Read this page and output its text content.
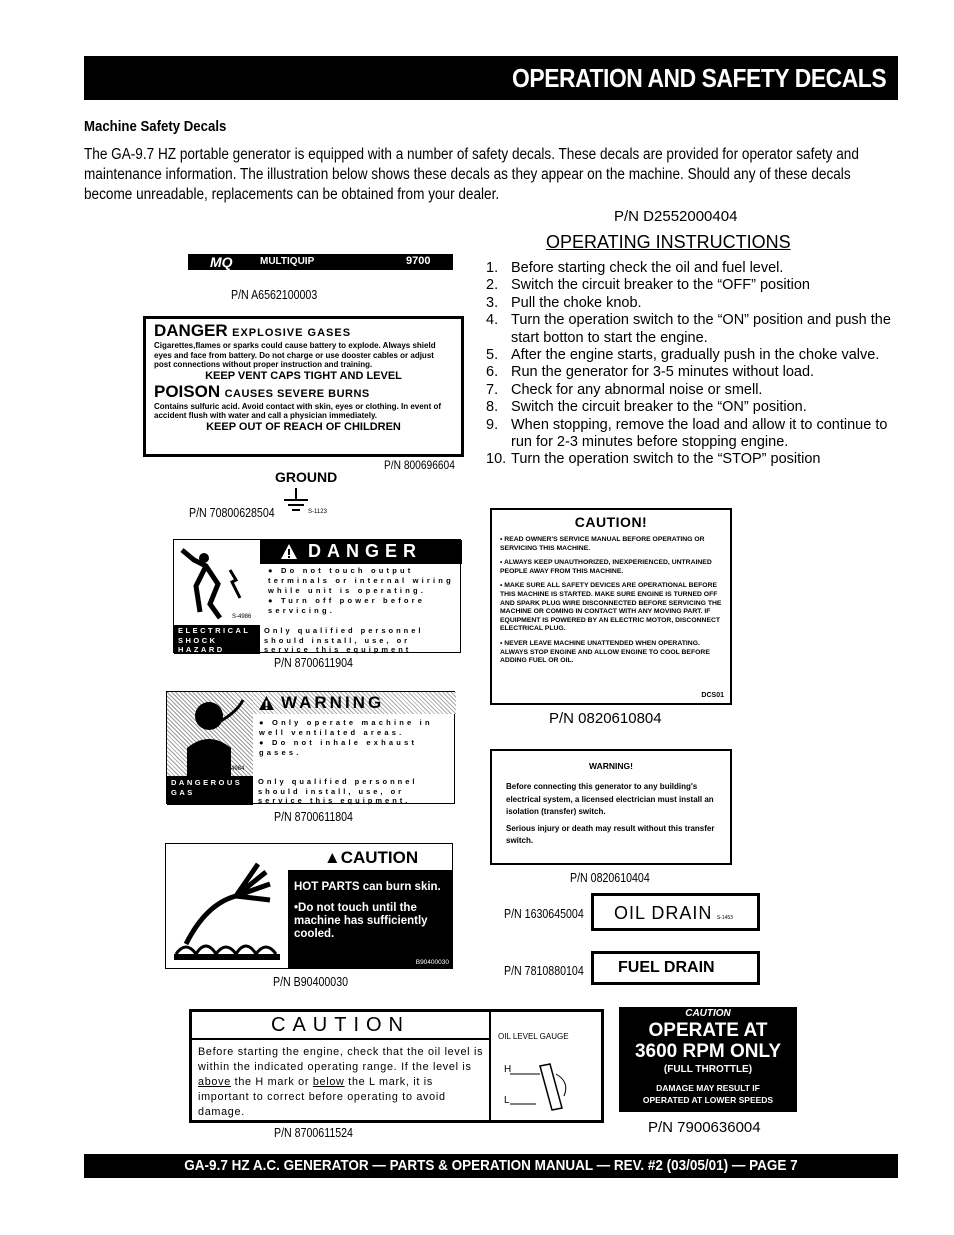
OPERATION AND SAFETY DECALS
Machine Safety Decals
The GA-9.7 HZ portable generator is equipped with a number of safety decals. These decals are provided for operator safety and maintenance information. The illustration below shows these decals as they appear on the machine. Should any of these decals become unreadable, replacements can be obtained from your dealer.
P/N D2552000404
OPERATING INSTRUCTIONS
1. Before starting check the oil and fuel level.
2. Switch the circuit breaker to the “OFF” position
3. Pull the choke knob.
4. Turn the operation switch to the “ON” position and push the start botton to start the engine.
5. After the engine starts, gradually push in the choke valve.
6. Run the generator for 3-5 minutes without load.
7. Check for any abnormal noise or smell.
8. Switch the circuit breaker to the “ON” position.
9. When stopping, remove the load and allow it to continue to run for 2-3 minutes before stopping engine.
10. Turn the operation switch to the “STOP” position
MQ	MULTIQUIP	9700
P/N A6562100003
DANGER EXPLOSIVE GASES
Cigarettes,flames or sparks could cause battery to explode. Always shield eyes and face from battery. Do not charge or use dooster cables or adjust post connections without proper instruction and training.
KEEP VENT CAPS TIGHT AND LEVEL
POISON CAUSES SEVERE BURNS
Contains sulfuric acid. Avoid contact with skin, eyes or clothing. In event of accident flush with water and call a physician immediately.
KEEP OUT OF REACH OF CHILDREN
P/N 800696604
GROUND
S-1123
P/N 70800628504
S-4986
DANGER
● Do not touch output terminals or internal wiring while unit is operating.
● Turn off power before servicing.
ELECTRICAL SHOCK HAZARD
Only qualified personnel should install, use, or service this equipment
P/N 8700611904
S-4984
WARNING
● Only operate machine in well ventilated areas.
● Do not inhale exhaust gases.
DANGEROUS GAS
Only qualified personnel should install, use, or service this equipment.
P/N 8700611804
▲CAUTION
HOT PARTS can burn skin.
•Do not touch until the machine has sufficiently cooled.
B90400030
P/N B90400030
CAUTION!
• READ OWNER'S SERVICE MANUAL BEFORE OPERATING OR SERVICING THIS MACHINE.
• ALWAYS KEEP UNAUTHORIZED, INEXPERIENCED, UNTRAINED PEOPLE AWAY FROM THIS MACHINE.
• MAKE SURE ALL SAFETY DEVICES ARE OPERATIONAL BEFORE THIS MACHINE IS STARTED. MAKE SURE ENGINE IS TURNED OFF AND SPARK PLUG WIRE DISCONNECTED BEFORE SERVICING THE MACHINE OR COMING IN CONTACT WITH ANY MOVING PART. IF EQUIPMENT IS POWERED BY AN ELECTRIC MOTOR, DISCONNECT ELECTRICAL PLUG.
• NEVER LEAVE MACHINE UNATTENDED WHEN OPERATING. ALWAYS STOP ENGINE AND ALLOW ENGINE TO COOL BEFORE ADDING FUEL OR OIL.
DCS01
P/N 0820610804
WARNING!
Before connecting this generator to any building's electrical system, a licensed electrician must install an isolation (transfer) switch.
Serious injury or death may result without this transfer switch.
P/N 0820610404
P/N 1630645004	OIL DRAIN S-1453
P/N 7810880104	FUEL DRAIN
CAUTION
Before starting the engine, check that the oil level is within the indicated operating range. If the level is above the H mark or below the L mark, it is important to correct before operating to avoid damage.
OIL LEVEL GAUGE
H
L
P/N 8700611524
CAUTION
OPERATE AT
3600 RPM ONLY
(FULL THROTTLE)
DAMAGE MAY RESULT IF
OPERATED AT LOWER SPEEDS
P/N 7900636004
GA-9.7 HZ A.C. GENERATOR — PARTS & OPERATION MANUAL — REV. #2 (03/05/01) — PAGE 7
